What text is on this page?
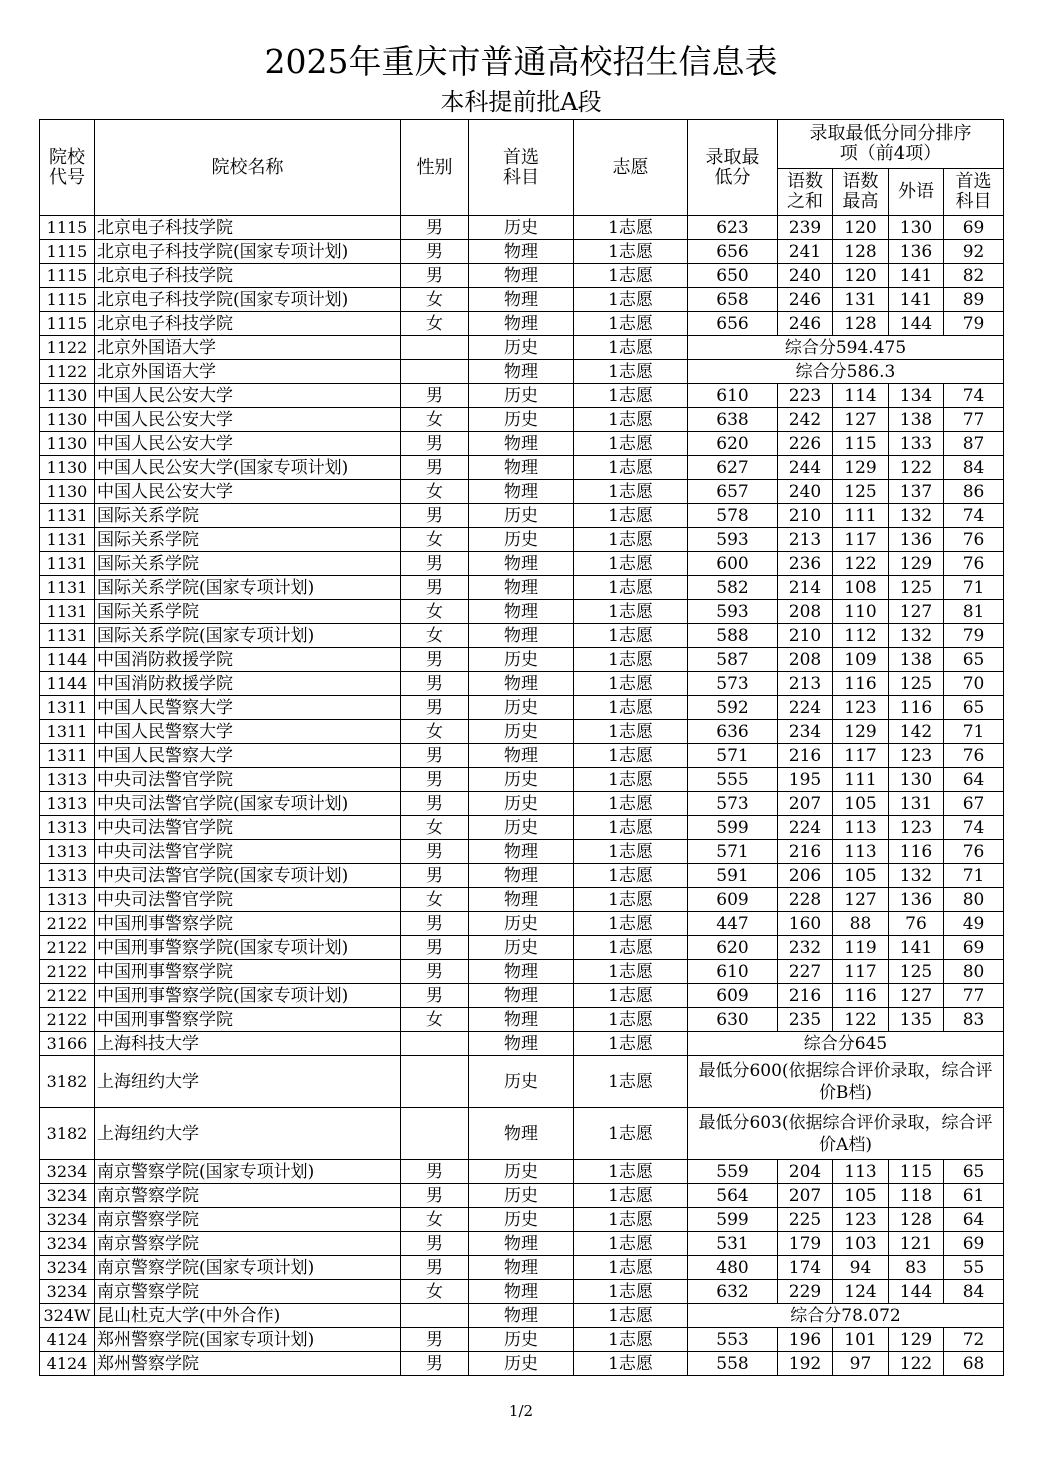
2025年重庆市普通高校招生信息表
本科提前批A段
院校代号	院校名称	性别	首选科目	志愿	录取最低分	录取最低分同分排序项（前4项）			
						语数之和	语数最高	外语	首选科目
1115	北京电子科技学院	男	历史	1志愿	623	239	120	130	69
1115	北京电子科技学院(国家专项计划)	男	物理	1志愿	656	241	128	136	92
1115	北京电子科技学院	男	物理	1志愿	650	240	120	141	82
1115	北京电子科技学院(国家专项计划)	女	物理	1志愿	658	246	131	141	89
1115	北京电子科技学院	女	物理	1志愿	656	246	128	144	79
1122	北京外国语大学		历史	1志愿	综合分594.475				
1122	北京外国语大学		物理	1志愿	综合分586.3				
1130	中国人民公安大学	男	历史	1志愿	610	223	114	134	74
1130	中国人民公安大学	女	历史	1志愿	638	242	127	138	77
1130	中国人民公安大学	男	物理	1志愿	620	226	115	133	87
1130	中国人民公安大学(国家专项计划)	男	物理	1志愿	627	244	129	122	84
1130	中国人民公安大学	女	物理	1志愿	657	240	125	137	86
1131	国际关系学院	男	历史	1志愿	578	210	111	132	74
1131	国际关系学院	女	历史	1志愿	593	213	117	136	76
1131	国际关系学院	男	物理	1志愿	600	236	122	129	76
1131	国际关系学院(国家专项计划)	男	物理	1志愿	582	214	108	125	71
1131	国际关系学院	女	物理	1志愿	593	208	110	127	81
1131	国际关系学院(国家专项计划)	女	物理	1志愿	588	210	112	132	79
1144	中国消防救援学院	男	历史	1志愿	587	208	109	138	65
1144	中国消防救援学院	男	物理	1志愿	573	213	116	125	70
1311	中国人民警察大学	男	历史	1志愿	592	224	123	116	65
1311	中国人民警察大学	女	历史	1志愿	636	234	129	142	71
1311	中国人民警察大学	男	物理	1志愿	571	216	117	123	76
1313	中央司法警官学院	男	历史	1志愿	555	195	111	130	64
1313	中央司法警官学院(国家专项计划)	男	历史	1志愿	573	207	105	131	67
1313	中央司法警官学院	女	历史	1志愿	599	224	113	123	74
1313	中央司法警官学院	男	物理	1志愿	571	216	113	116	76
1313	中央司法警官学院(国家专项计划)	男	物理	1志愿	591	206	105	132	71
1313	中央司法警官学院	女	物理	1志愿	609	228	127	136	80
2122	中国刑事警察学院	男	历史	1志愿	447	160	88	76	49
2122	中国刑事警察学院(国家专项计划)	男	历史	1志愿	620	232	119	141	69
2122	中国刑事警察学院	男	物理	1志愿	610	227	117	125	80
2122	中国刑事警察学院(国家专项计划)	男	物理	1志愿	609	216	116	127	77
2122	中国刑事警察学院	女	物理	1志愿	630	235	122	135	83
3166	上海科技大学		物理	1志愿	综合分645				
3182	上海纽约大学		历史	1志愿	最低分600(依据综合评价录取，综合评价B档)				
3182	上海纽约大学		物理	1志愿	最低分603(依据综合评价录取，综合评价A档)				
3234	南京警察学院(国家专项计划)	男	历史	1志愿	559	204	113	115	65
3234	南京警察学院	男	历史	1志愿	564	207	105	118	61
3234	南京警察学院	女	历史	1志愿	599	225	123	128	64
3234	南京警察学院	男	物理	1志愿	531	179	103	121	69
3234	南京警察学院(国家专项计划)	男	物理	1志愿	480	174	94	83	55
3234	南京警察学院	女	物理	1志愿	632	229	124	144	84
324W	昆山杜克大学(中外合作)		物理	1志愿	综合分78.072				
4124	郑州警察学院(国家专项计划)	男	历史	1志愿	553	196	101	129	72
4124	郑州警察学院	男	历史	1志愿	558	192	97	122	68
1/2
